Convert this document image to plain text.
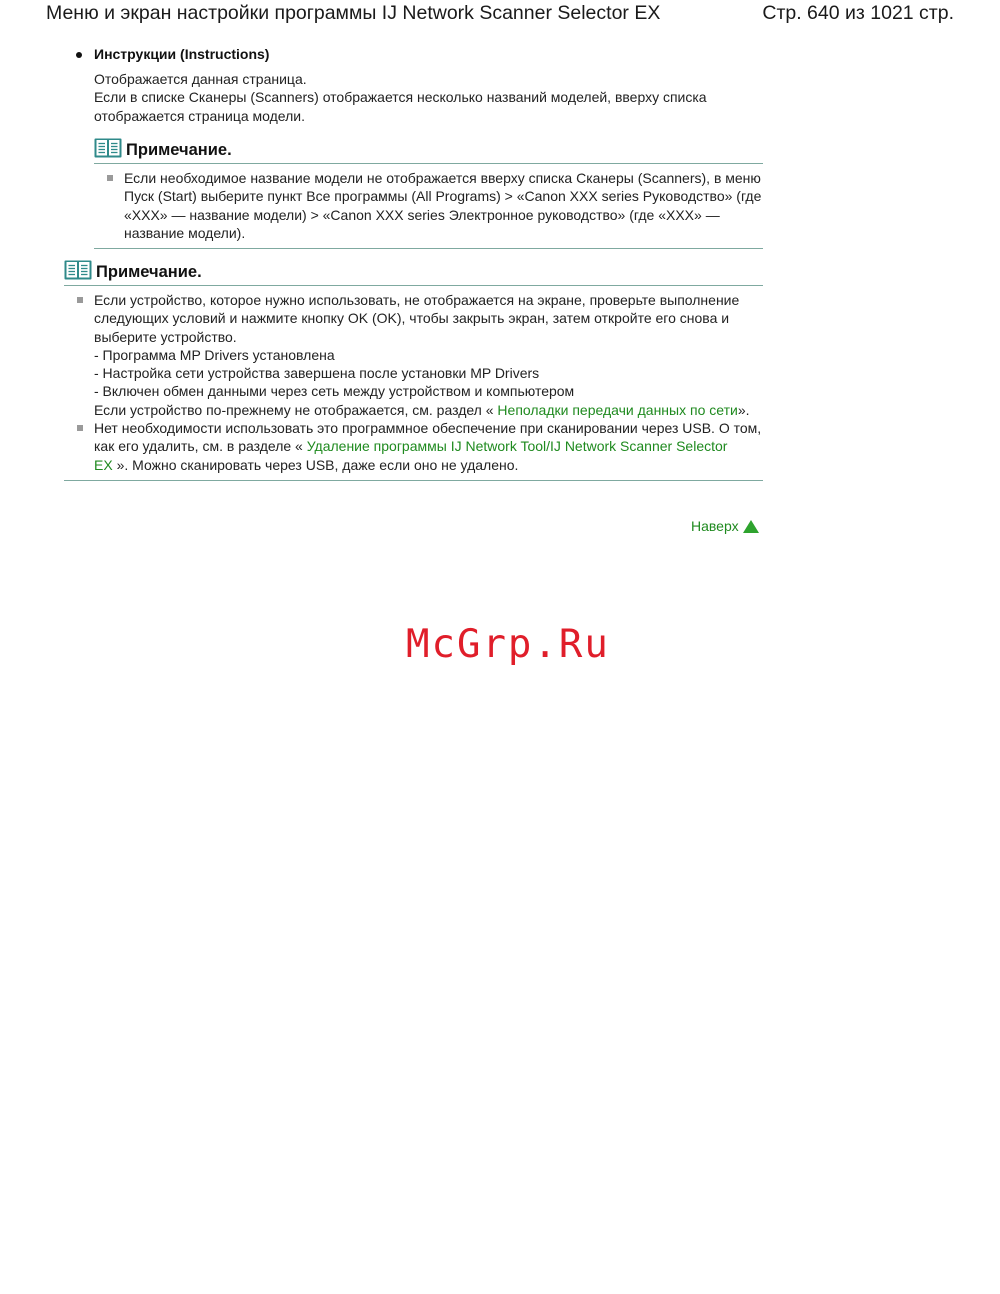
Меню и экран настройки программы IJ Network Scanner Selector EX	Стр. 640 из 1021 стр.
Инструкции (Instructions)
Отображается данная страница.
Если в списке Сканеры (Scanners) отображается несколько названий моделей, вверху списка отображается страница модели.
Примечание.
Если необходимое название модели не отображается вверху списка Сканеры (Scanners), в меню Пуск (Start) выберите пункт Все программы (All Programs) > «Canon XXX series Руководство» (где «XXX» — название модели) > «Canon XXX series Электронное руководство» (где «XXX» — название модели).
Примечание.
Если устройство, которое нужно использовать, не отображается на экране, проверьте выполнение следующих условий и нажмите кнопку OK (OK), чтобы закрыть экран, затем откройте его снова и выберите устройство.
- Программа MP Drivers установлена
- Настройка сети устройства завершена после установки MP Drivers
- Включен обмен данными через сеть между устройством и компьютером
Если устройство по-прежнему не отображается, см. раздел « Неполадки передачи данных по сети».
Нет необходимости использовать это программное обеспечение при сканировании через USB. О том, как его удалить, см. в разделе « Удаление программы IJ Network Tool/IJ Network Scanner Selector EX ». Можно сканировать через USB, даже если оно не удалено.
Наверх
McGrp.Ru
